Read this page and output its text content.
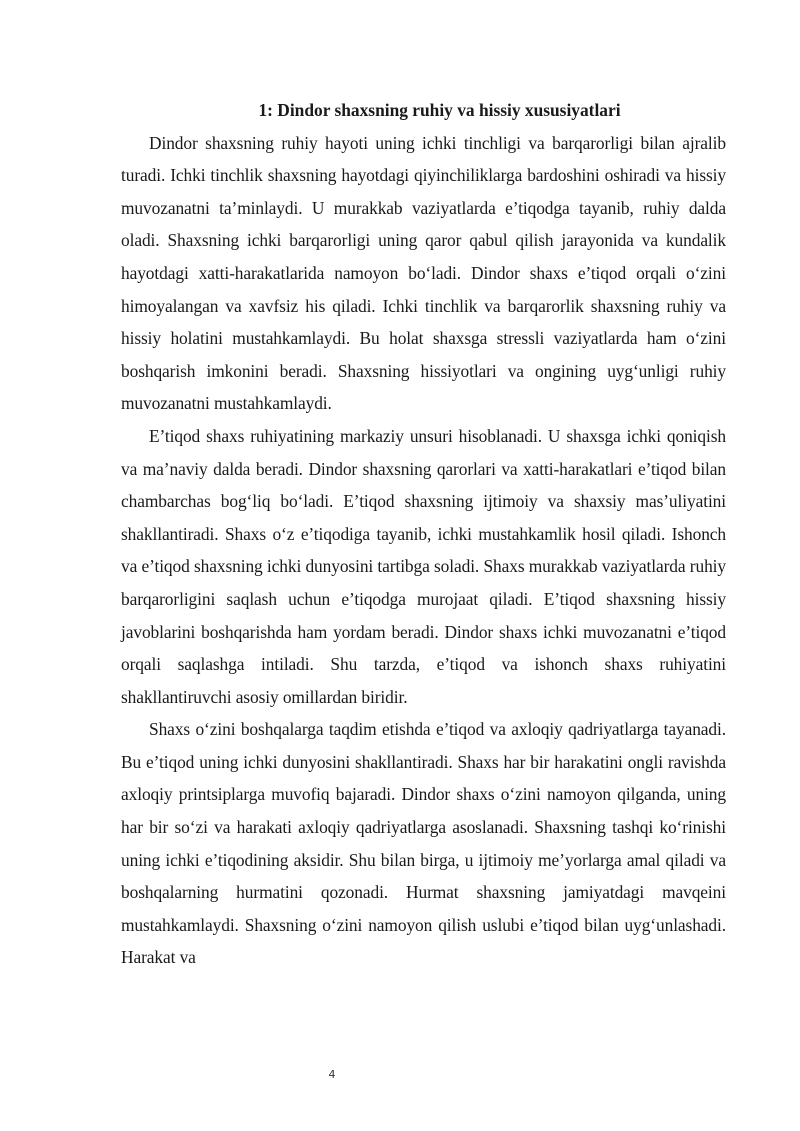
1: Dindor shaxsning ruhiy va hissiy xususiyatlari

Dindor shaxsning ruhiy hayoti uning ichki tinchligi va barqarorligi bilan ajralib turadi. Ichki tinchlik shaxsning hayotdagi qiyinchiliklarga bardoshini oshiradi va hissiy muvozanatni ta’minlaydi. U murakkab vaziyatlarda e’tiqodga tayanib, ruhiy dalda oladi. Shaxsning ichki barqarorligi uning qaror qabul qilish jarayonida va kundalik hayotdagi xatti-harakatlarida namoyon bo‘ladi. Dindor shaxs e’tiqod orqali o‘zini himoyalangan va xavfsiz his qiladi. Ichki tinchlik va barqarorlik shaxsning ruhiy va hissiy holatini mustahkamlaydi. Bu holat shaxsga stressli vaziyatlarda ham o‘zini boshqarish imkonini beradi. Shaxsning hissiyotlari va ongining uyg‘unligi ruhiy muvozanatni mustahkamlaydi.

E’tiqod shaxs ruhiyatining markaziy unsuri hisoblanadi. U shaxsga ichki qoniqish va ma’naviy dalda beradi. Dindor shaxsning qarorlari va xatti-harakatlari e’tiqod bilan chambarchas bog‘liq bo‘ladi. E’tiqod shaxsning ijtimoiy va shaxsiy mas’uliyatini shakllantiradi. Shaxs o‘z e’tiqodiga tayanib, ichki mustahkamlik hosil qiladi. Ishonch va e’tiqod shaxsning ichki dunyosini tartibga soladi. Shaxs murakkab vaziyatlarda ruhiy barqarorligini saqlash uchun e’tiqodga murojaat qiladi. E’tiqod shaxsning hissiy javoblarini boshqarishda ham yordam beradi. Dindor shaxs ichki muvozanatni e’tiqod orqali saqlashga intiladi. Shu tarzda, e’tiqod va ishonch shaxs ruhiyatini shakllantiruvchi asosiy omillardan biridir.

Shaxs o‘zini boshqalarga taqdim etishda e’tiqod va axloqiy qadriyatlarga tayanadi. Bu e’tiqod uning ichki dunyosini shakllantiradi. Shaxs har bir harakatini ongli ravishda axloqiy printsiplarga muvofiq bajaradi. Dindor shaxs o‘zini namoyon qilganda, uning har bir so‘zi va harakati axloqiy qadriyatlarga asoslanadi. Shaxsning tashqi ko‘rinishi uning ichki e’tiqodining aksidir. Shu bilan birga, u ijtimoiy me’yorlarga amal qiladi va boshqalarning hurmatini qozonadi. Hurmat shaxsning jamiyatdagi mavqeini mustahkamlaydi. Shaxsning o‘zini namoyon qilish uslubi e’tiqod bilan uyg‘unlashadi. Harakat va

4
